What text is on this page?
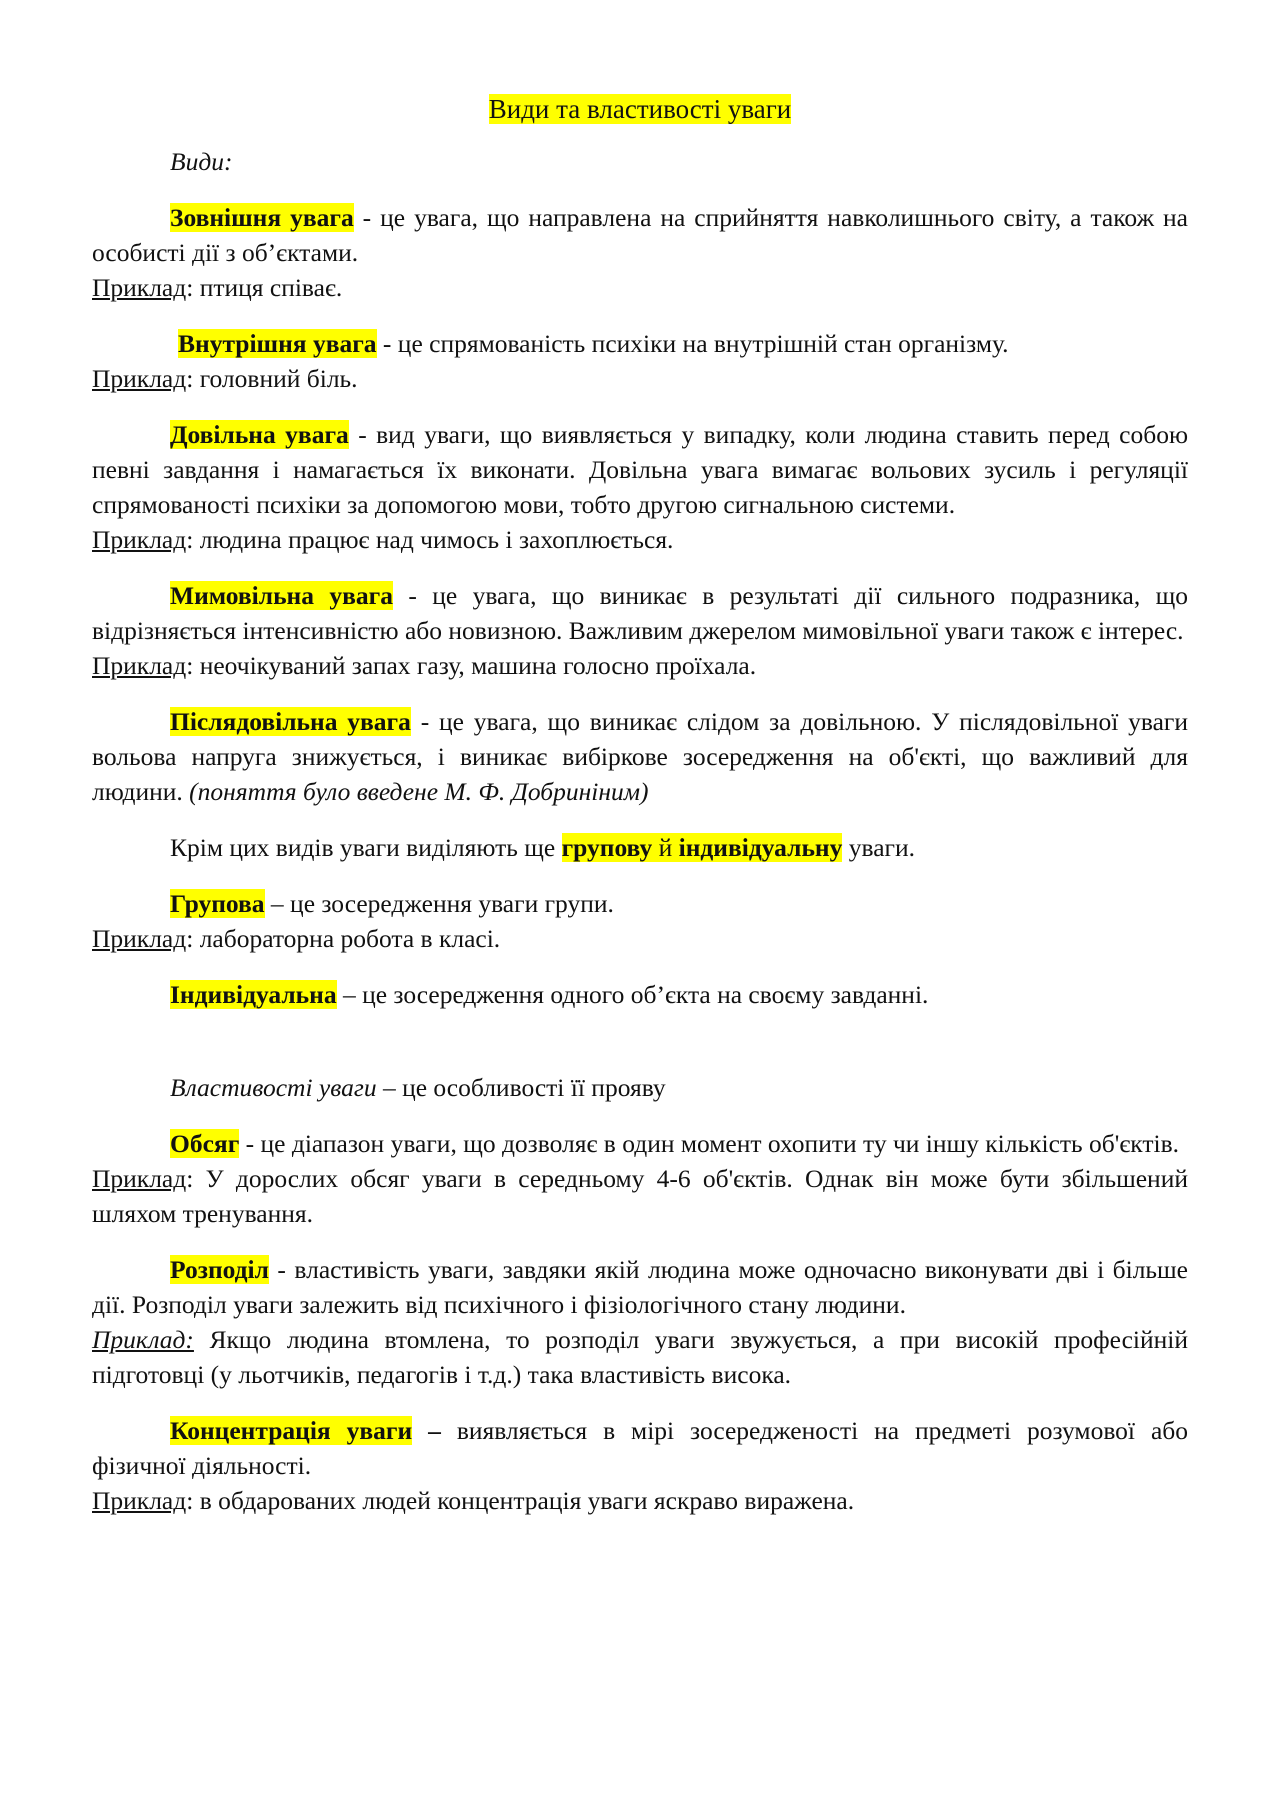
Види та властивості уваги
Види:
Зовнішня увага - це увага, що направлена на сприйняття навколишнього світу, а також на особисті дії з об’єктами.
Приклад: птиця співає.
Внутрішня увага - це спрямованість психіки на внутрішній стан організму.
Приклад: головний біль.
Довільна увага - вид уваги, що виявляється у випадку, коли людина ставить перед собою певні завдання і намагається їх виконати. Довільна увага вимагає вольових зусиль і регуляції спрямованості психіки за допомогою мови, тобто другою сигнальною системи.
Приклад: людина працює над чимось і захоплюється.
Мимовільна увага - це увага, що виникає в результаті дії сильного подразника, що відрізняється інтенсивністю або новизною. Важливим джерелом мимовільної уваги також є інтерес.
Приклад: неочікуваний запах газу, машина голосно проїхала.
Післядовільна увага - це увага, що виникає слідом за довільною. У післядовільної уваги вольова напруга знижується, і виникає вибіркове зосередження на об'єкті, що важливий для людини. (поняття було введене М. Ф. Добриніним)
Крім цих видів уваги виділяють ще групову й індивідуальну уваги.
Групова – це зосередження уваги групи.
Приклад: лабораторна робота в класі.
Індивідуальна – це зосередження одного об’єкта на своєму завданні.
Властивості уваги – це особливості її прояву
Обсяг - це діапазон уваги, що дозволяє в один момент охопити ту чи іншу кількість об'єктів.
Приклад: У дорослих обсяг уваги в середньому 4-6 об'єктів. Однак він може бути збільшений шляхом тренування.
Розподіл - властивість уваги, завдяки якій людина може одночасно виконувати дві і більше дії. Розподіл уваги залежить від психічного і фізіологічного стану людини.
Приклад: Якщо людина втомлена, то розподіл уваги звужується, а при високій професійній підготовці (у льотчиків, педагогів і т.д.) така властивість висока.
Концентрація уваги – виявляється в мірі зосередженості на предметі розумової або фізичної діяльності.
Приклад: в обдарованих людей концентрація уваги яскраво виражена.
